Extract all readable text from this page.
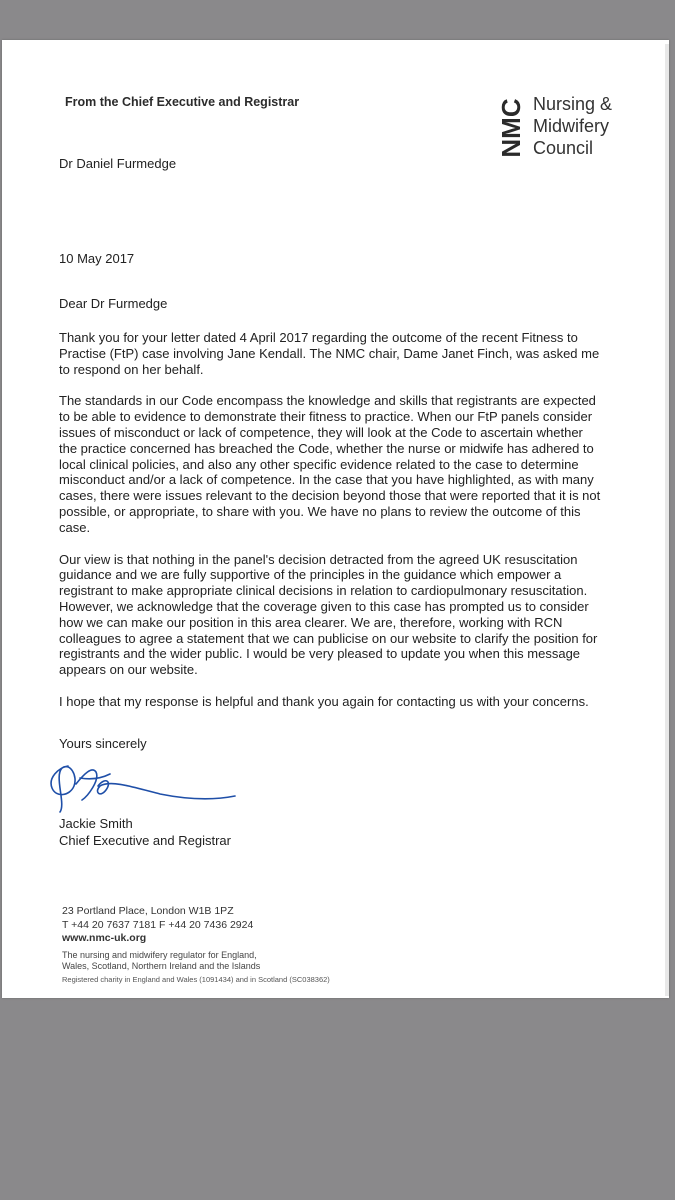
From the Chief Executive and Registrar	NMC Nursing &
Midwifery
Council
Dr Daniel Furmedge
10 May 2017
Dear Dr Furmedge

Thank you for your letter dated 4 April 2017 regarding the outcome of the recent Fitness to Practise (FtP) case involving Jane Kendall. The NMC chair, Dame Janet Finch, was asked me to respond on her behalf.

The standards in our Code encompass the knowledge and skills that registrants are expected to be able to evidence to demonstrate their fitness to practice. When our FtP panels consider issues of misconduct or lack of competence, they will look at the Code to ascertain whether the practice concerned has breached the Code, whether the nurse or midwife has adhered to local clinical policies, and also any other specific evidence related to the case to determine misconduct and/or a lack of competence. In the case that you have highlighted, as with many cases, there were issues relevant to the decision beyond those that were reported that it is not possible, or appropriate, to share with you. We have no plans to review the outcome of this case.

Our view is that nothing in the panel's decision detracted from the agreed UK resuscitation guidance and we are fully supportive of the principles in the guidance which empower a registrant to make appropriate clinical decisions in relation to cardiopulmonary resuscitation. However, we acknowledge that the coverage given to this case has prompted us to consider how we can make our position in this area clearer. We are, therefore, working with RCN colleagues to agree a statement that we can publicise on our website to clarify the position for registrants and the wider public. I would be very pleased to update you when this message appears on our website.

I hope that my response is helpful and thank you again for contacting us with your concerns.

Yours sincerely
Jackie Smith
Chief Executive and Registrar
23 Portland Place, London W1B 1PZ
T +44 20 7637 7181 F +44 20 7436 2924
www.nmc-uk.org
The nursing and midwifery regulator for England,
Wales, Scotland, Northern Ireland and the Islands
Registered charity in England and Wales (1091434) and in Scotland (SC038362)
